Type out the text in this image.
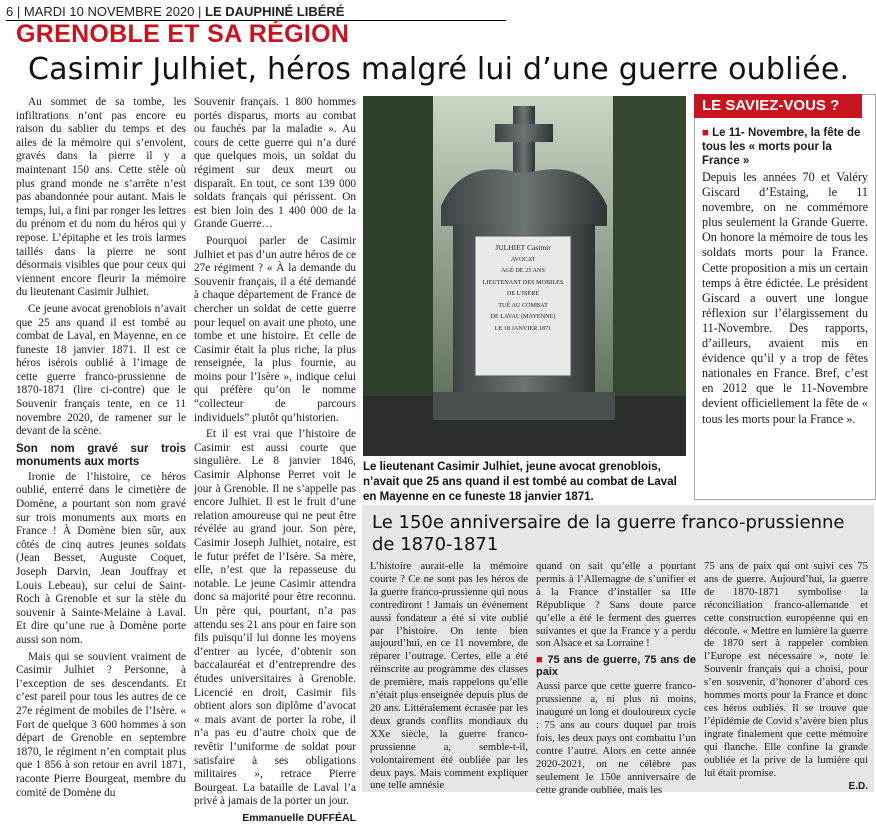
6 | MARDI 10 NOVEMBRE 2020 | LE DAUPHINÉ LIBÉRÉ
GRENOBLE ET SA RÉGION
Casimir Julhiet, héros malgré lui d’une guerre oubliée.

Au sommet de sa tombe, les infiltrations n’ont pas encore eu raison du sablier du temps et des ailes de la mémoire qui s’envolent, gravés dans la pierre il y a maintenant 150 ans. Cette stèle où plus grand monde ne s’arrête n’est pas abandonnée pour autant. Mais le temps, lui, a fini par ronger les lettres du prénom et du nom du héros qui y repose. L’épitaphe et les trois larmes taillés dans la pierre ne sont désormais visibles que pour ceux qui viennent encore fleurir la mémoire du lieutenant Casimir Julhiet.

Ce jeune avocat grenoblois n’avait que 25 ans quand il est tombé au combat de Laval, en Mayenne, en ce funeste 18 janvier 1871. Il est ce héros isérois oublié à l’image de cette guerre franco-prussienne de 1870-1871 (lire ci-contre) que le Souvenir français tente, en ce 11 novembre 2020, de ramener sur le devant de la scène.

Son nom gravé sur trois monuments aux morts

Ironie de l’histoire, ce héros oublié, enterré dans le cimetière de Domène, a pourtant son nom gravé sur trois monuments aux morts en France ! À Domène bien sûr, aux côtés de cinq autres jeunes soldats (Jean Besset, Auguste Coquet, Joseph Darvin, Jean Jouffray et Louis Lebeau), sur celui de Saint-Roch à Grenoble et sur la stèle du souvenir à Sainte-Melaine à Laval. Et dire qu’une rue à Domène porte aussi son nom.

Mais qui se souvient vraiment de Casimir Julhiet ? Personne, à l’exception de ses descendants. Et c’est pareil pour tous les autres de ce 27e régiment de mobiles de l’Isère. « Fort de quelque 3 600 hommes à son départ de Grenoble en septembre 1870, le régiment n’en comptait plus que 1 856 à son retour en avril 1871, raconte Pierre Bourgeat, membre du comité de Domène du

Souvenir français. 1 800 hommes portés disparus, morts au combat ou fauchés par la maladie ». Au cours de cette guerre qui n’a duré que quelques mois, un soldat du régiment sur deux meurt ou disparaît. En tout, ce sont 139 000 soldats français qui périssent. On est bien loin des 1 400 000 de la Grande Guerre…

Pourquoi parler de Casimir Julhiet et pas d’un autre héros de ce 27e régiment ? « À la demande du Souvenir français, il a été demandé à chaque département de France de chercher un soldat de cette guerre pour lequel on avait une photo, une tombe et une histoire. Et celle de Casimir était la plus riche, la plus renseignée, la plus fournie, au moins pour l’Isère », indique celui qui préfère qu’on le nomme “collecteur de parcours individuels” plutôt qu’historien.

Et il est vrai que l’histoire de Casimir est aussi courte que singulière. Le 8 janvier 1846, Casimir Alphonse Perret voit le jour à Grenoble. Il ne s’appelle pas encore Julhiet. Il est le fruit d’une relation amoureuse qui ne peut être révélée au grand jour. Son père, Casimir Joseph Julhiet, notaire, est le futur préfet de l’Isère. Sa mère, elle, n’est que la repasseuse du notable. Le jeune Casimir attendra donc sa majorité pour être reconnu. Un père qui, pourtant, n’a pas attendu ses 21 ans pour en faire son fils puisqu’il lui donne les moyens d’entrer au lycée, d’obtenir son baccalauréat et d’entreprendre des études universitaires à Grenoble. Licencié en droit, Casimir fils obtient alors son diplôme d’avocat « mais avant de porter la robe, il n’a pas eu d’autre choix que de revêtir l’uniforme de soldat pour satisfaire à ses obligations militaires », retrace Pierre Bourgeat. La bataille de Laval l’a privé à jamais de la porter un jour.

Emmanuelle DUFFÉAL
JULHIET Casimir
AVOCAT
AGÉ DE 25 ANS
LIEUTENANT DES MOBILES
DE L’ISÈRE
TUÉ AU COMBAT
DE LAVAL (MAYENNE)
LE 18 JANVIER 1871
Le lieutenant Casimir Julhiet, jeune avocat grenoblois, n’avait que 25 ans quand il est tombé au combat de Laval en Mayenne en ce funeste 18 janvier 1871.
LE SAVIEZ-VOUS ?
■ Le 11- Novembre, la fête de tous les « morts pour la France »
Depuis les années 70 et Valéry Giscard d’Estaing, le 11 novembre, on ne commémore plus seulement la Grande Guerre. On honore la mémoire de tous les soldats morts pour la France. Cette proposition a mis un certain temps à être édictée. Le président Giscard a ouvert une longue réflexion sur l’élargissement du 11-Novembre. Des rapports, d’ailleurs, avaient mis en évidence qu’il y a trop de fêtes nationales en France. Bref, c’est en 2012 que le 11-Novembre devient officiellement la fête de « tous les morts pour la France ».
Le 150e anniversaire de la guerre franco-prussienne de 1870-1871

L’histoire aurait-elle la mémoire courte ? Ce ne sont pas les héros de la guerre franco-prussienne qui nous contrediront ! Jamais un événement aussi fondateur a été si vite oublié par l’histoire. On tente bien aujourd’hui, en ce 11 novembre, de réparer l’outrage. Certes, elle a été réinscrite au programme des classes de première, mais rappelons qu’elle n’était plus enseignée depuis plus de 20 ans. Littéralement écrasée par les deux grands conflits mondiaux du XXe siècle, la guerre franco-prussienne a, semble-t-il, volontairement été oubliée par les deux pays. Mais comment expliquer une telle amnésie

quand on sait qu’elle a pourtant permis à l’Allemagne de s’unifier et à la France d’installer sa IIIe République ? Sans doute parce qu’elle a été le ferment des guerres suivantes et que la France y a perdu son Alsace et sa Lorraine !

■ 75 ans de guerre, 75 ans de paix

Aussi parce que cette guerre franco-prussienne a, ni plus ni moins, inauguré un long et douloureux cycle : 75 ans au cours duquel par trois fois, les deux pays ont combattu l’un contre l’autre. Alors en cette année 2020-2021, on ne célèbre pas seulement le 150e anniversaire de cette grande oubliée, mais les

75 ans de paix qui ont suivi ces 75 ans de guerre. Aujourd’hui, la guerre de 1870-1871 symbolise la réconciliation franco-allemande et cette construction européenne qui en découle. « Mettre en lumière la guerre de 1870 sert à rappeler combien l’Europe est nécessaire », note le Souvenir français qui a choisi, pour s’en souvenir, d’honorer d’abord ces hommes morts pour la France et donc ces héros oubliés. Il se trouve que l’épidémie de Covid s’avère bien plus ingrate finalement que cette mémoire qui flanche. Elle confine la grande oubliée et la prive de la lumière qui lui était promise.

E.D.
